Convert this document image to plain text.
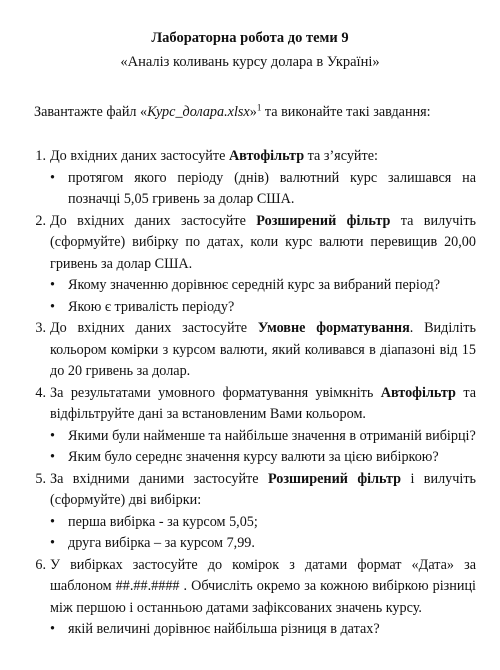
Лабораторна робота до теми 9
«Аналіз коливань курсу долара в Україні»
Завантажте файл «Курс_долара.xlsx»$^1$ та виконайте такі завдання:
1. До вхідних даних застосуйте Автофільтр та з’ясуйте:
• протягом якого періоду (днів) валютний курс залишався на позначці 5,05 гривень за долар США.
2. До вхідних даних застосуйте Розширений фільтр та вилучіть (сформуйте) вибірку по датах, коли курс валюти перевищив 20,00 гривень за долар США.
• Якому значенню дорівнює середній курс за вибраний період?
• Якою є тривалість періоду?
3. До вхідних даних застосуйте Умовне форматування. Виділіть кольором комірки з курсом валюти, який коливався в діапазоні від 15 до 20 гривень за долар.
4. За результатами умовного форматування увімкніть Автофільтр та відфільтруйте дані за встановленим Вами кольором.
• Якими були найменше та найбільше значення в отриманій вибірці?
• Яким було середнє значення курсу валюти за цією вибіркою?
5. За вхідними даними застосуйте Розширений фільтр і вилучіть (сформуйте) дві вибірки:
• перша вибірка - за курсом 5,05;
• друга вибірка – за курсом 7,99.
6. У вибірках застосуйте до комірок з датами формат «Дата» за шаблоном ##.##.#### . Обчисліть окремо за кожною вибіркою різниці між першою і останньою датами зафіксованих значень курсу.
• якій величині дорівнює найбільша різниця в датах?
